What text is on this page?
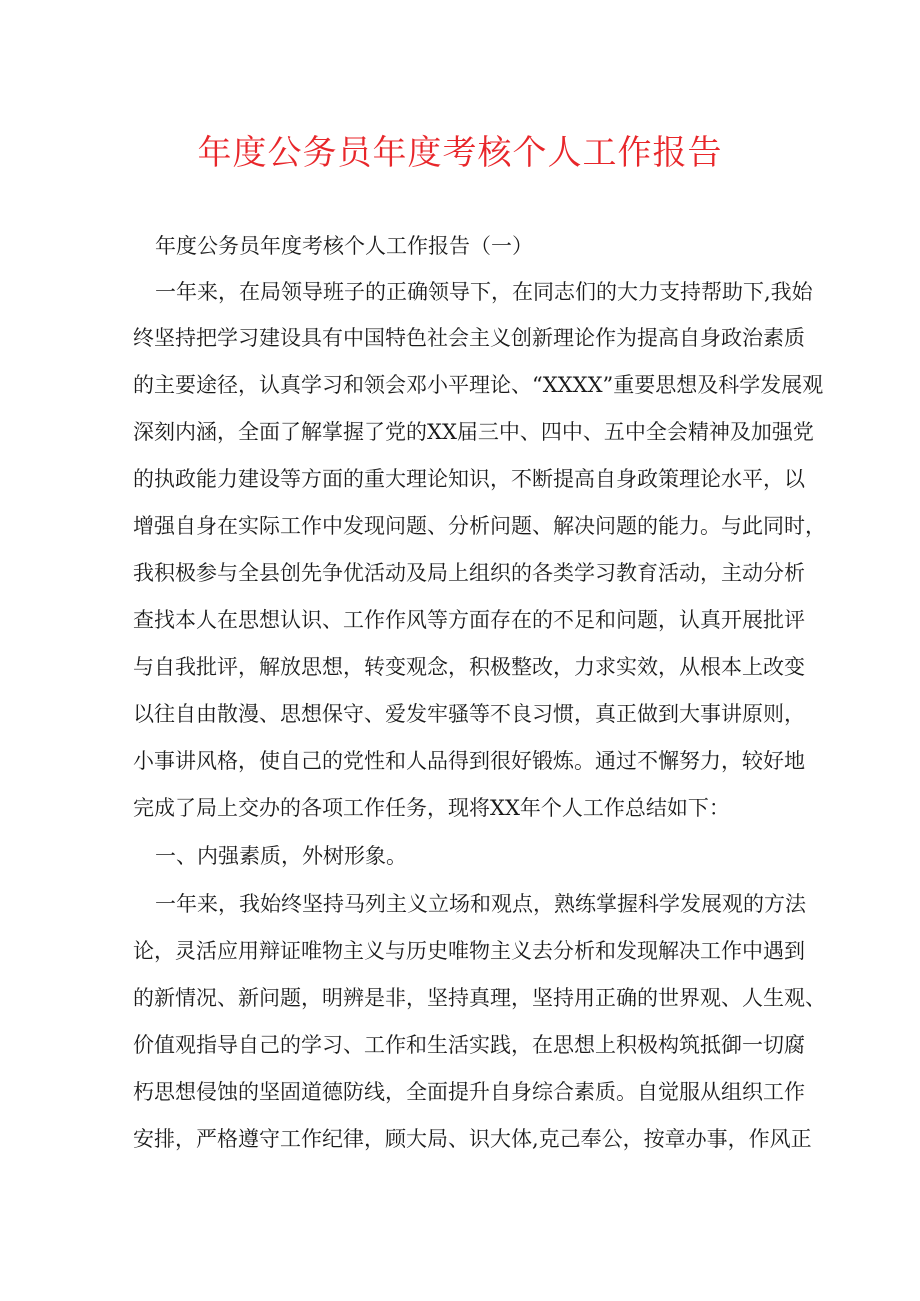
年度公务员年度考核个人工作报告
年度公务员年度考核个人工作报告（一）
一年来，在局领导班子的正确领导下，在同志们的大力支持帮助下,我始
终坚持把学习建设具有中国特色社会主义创新理论作为提高自身政治素质
的主要途径，认真学习和领会邓小平理论、“XXXX”重要思想及科学发展观
深刻内涵，全面了解掌握了党的XX届三中、四中、五中全会精神及加强党
的执政能力建设等方面的重大理论知识，不断提高自身政策理论水平，以
增强自身在实际工作中发现问题、分析问题、解决问题的能力。与此同时，
我积极参与全县创先争优活动及局上组织的各类学习教育活动，主动分析
查找本人在思想认识、工作作风等方面存在的不足和问题，认真开展批评
与自我批评，解放思想，转变观念，积极整改，力求实效，从根本上改变
以往自由散漫、思想保守、爱发牢骚等不良习惯，真正做到大事讲原则，
小事讲风格，使自己的党性和人品得到很好锻炼。通过不懈努力，较好地
完成了局上交办的各项工作任务，现将XX年个人工作总结如下：
一、内强素质，外树形象。
一年来，我始终坚持马列主义立场和观点，熟练掌握科学发展观的方法
论，灵活应用辩证唯物主义与历史唯物主义去分析和发现解决工作中遇到
的新情况、新问题，明辨是非，坚持真理，坚持用正确的世界观、人生观、
价值观指导自己的学习、工作和生活实践，在思想上积极构筑抵御一切腐
朽思想侵蚀的坚固道德防线，全面提升自身综合素质。自觉服从组织工作
安排，严格遵守工作纪律，顾大局、识大体,克己奉公，按章办事，作风正
